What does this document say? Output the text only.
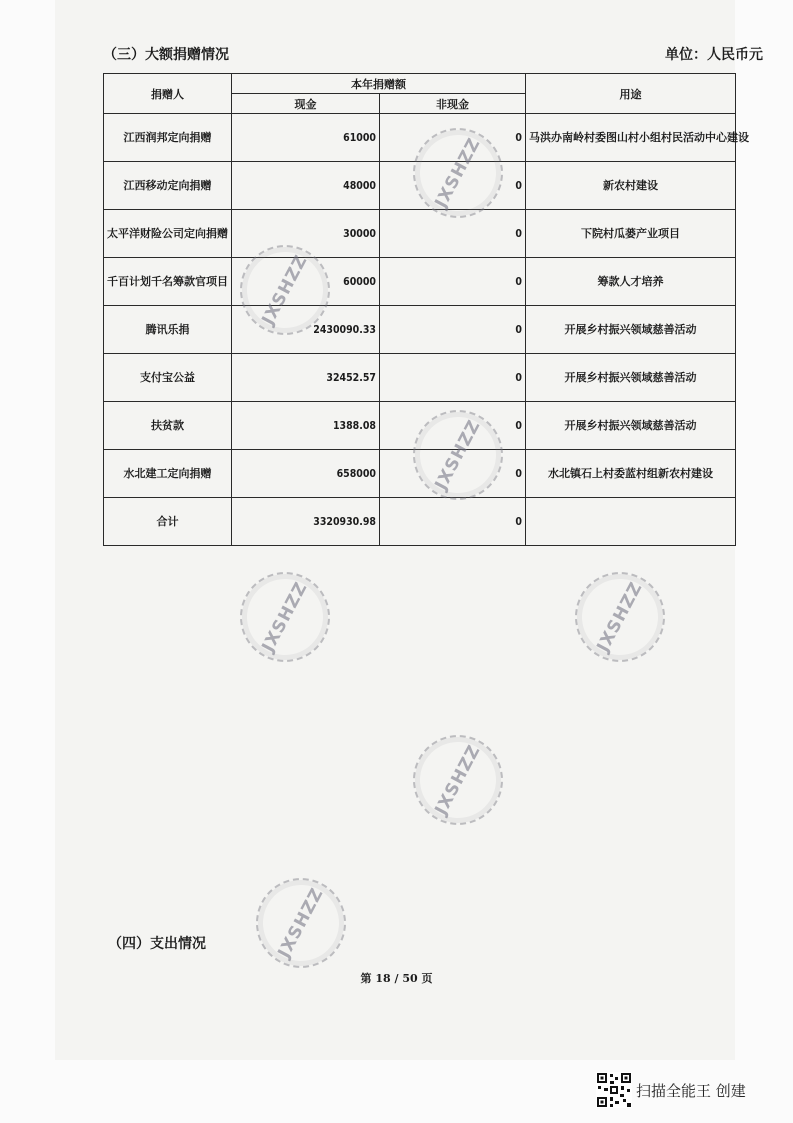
（三）大额捐赠情况	单位：人民币元
捐赠人	本年捐赠额		用途
	现金	非现金	
江西润邦定向捐赠	61000	0	马洪办南岭村委图山村小组村民活动中心建设
江西移动定向捐赠	48000	0	新农村建设
太平洋财险公司定向捐赠	30000	0	下院村瓜蒌产业项目
千百计划千名筹款官项目	60000	0	筹款人才培养
腾讯乐捐	2430090.33	0	开展乡村振兴领域慈善活动
支付宝公益	32452.57	0	开展乡村振兴领域慈善活动
扶贫款	1388.08	0	开展乡村振兴领域慈善活动
水北建工定向捐赠	658000	0	水北镇石上村委蓝村组新农村建设
合计	3320930.98	0	
JXSHZZ
JXSHZZ
JXSHZZ
JXSHZZ	JXSHZZ
JXSHZZ
JXSHZZ
（四）支出情况
第 18 / 50 页
扫描全能王 创建
